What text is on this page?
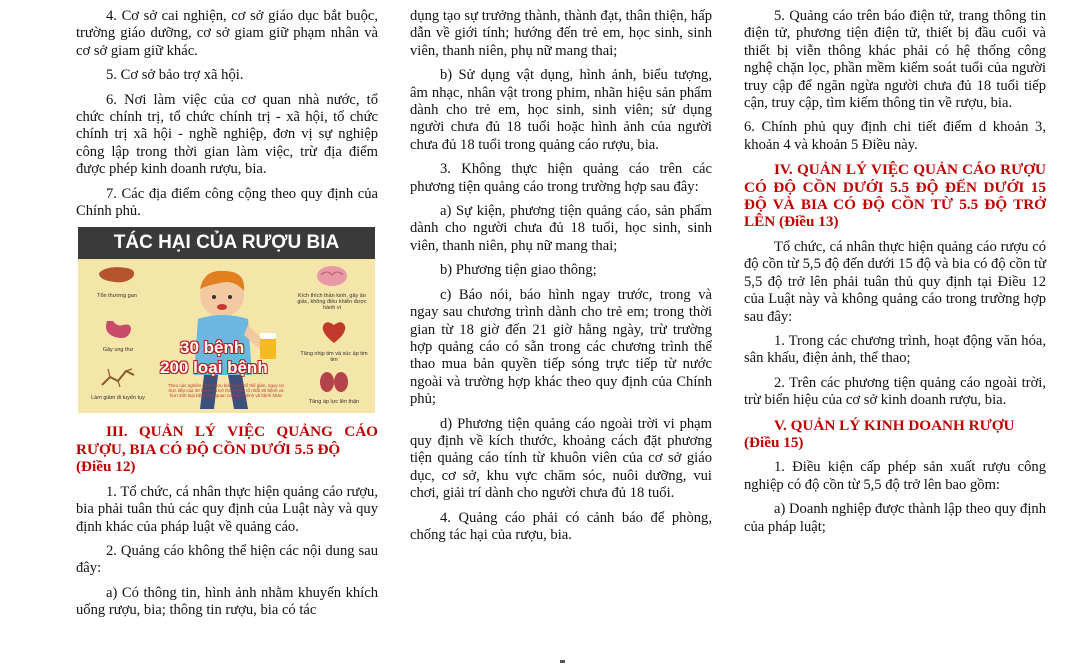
4. Cơ sở cai nghiện, cơ sở giáo dục bắt buộc, trường giáo dưỡng, cơ sở giam giữ phạm nhân và cơ sở giam giữ khác.

5. Cơ sở bảo trợ xã hội.

6. Nơi làm việc của cơ quan nhà nước, tổ chức chính trị, tổ chức chính trị - xã hội, tổ chức chính trị xã hội - nghề nghiệp, đơn vị sự nghiệp công lập trong thời gian làm việc, trừ địa điểm được phép kinh doanh rượu, bia.

7. Các địa điểm công cộng theo quy định của Chính phủ.

TÁC HẠI CỦA RƯỢU BIA
Tổn thương gan
Gây ung thư
Làm giảm đi tuyến tụy
30 bệnh
200 loại bệnh
Theo các nghiên cứu, rượu bia là yếu tố thể gián, nguy cơ trực tiếp của 30 bệnh và trở thành yếu tố nhất 30 bệnh và hơn 200 loại bệnh liên quan của 200 bệnh và bệnh khác
Kích thích thần kinh, gây ảo giác, không điều khiển được hành vi
Tăng nhịp tim và xúc áp tim tim
Tăng áp lực lên thận
III. QUẢN LÝ VIỆC QUẢNG CÁO RƯỢU, BIA CÓ ĐỘ CỒN DƯỚI 5.5 ĐỘ
(Điều 12)

1. Tổ chức, cá nhân thực hiện quảng cáo rượu, bia phải tuân thủ các quy định của Luật này và quy định khác của pháp luật về quảng cáo.

2. Quảng cáo không thể hiện các nội dung sau đây:

a) Có thông tin, hình ảnh nhằm khuyến khích uống rượu, bia; thông tin rượu, bia có tác

dụng tạo sự trưởng thành, thành đạt, thân thiện, hấp dẫn về giới tính; hướng đến trẻ em, học sinh, sinh viên, thanh niên, phụ nữ mang thai;

b) Sử dụng vật dụng, hình ảnh, biểu tượng, âm nhạc, nhân vật trong phim, nhãn hiệu sản phẩm dành cho trẻ em, học sinh, sinh viên; sử dụng người chưa đủ 18 tuổi hoặc hình ảnh của người chưa đủ 18 tuổi trong quảng cáo rượu, bia.

3. Không thực hiện quảng cáo trên các phương tiện quảng cáo trong trường hợp sau đây:

a) Sự kiện, phương tiện quảng cáo, sản phẩm dành cho người chưa đủ 18 tuổi, học sinh, sinh viên, thanh niên, phụ nữ mang thai;

b) Phương tiện giao thông;

c) Báo nói, báo hình ngay trước, trong và ngay sau chương trình dành cho trẻ em; trong thời gian từ 18 giờ đến 21 giờ hằng ngày, trừ trường hợp quảng cáo có sẵn trong các chương trình thể thao mua bản quyền tiếp sóng trực tiếp từ nước ngoài và trường hợp khác theo quy định của Chính phủ;

d) Phương tiện quảng cáo ngoài trời vi phạm quy định về kích thước, khoảng cách đặt phương tiện quảng cáo tính từ khuôn viên của cơ sở giáo dục, cơ sở, khu vực chăm sóc, nuôi dưỡng, vui chơi, giải trí dành cho người chưa đủ 18 tuổi.

4. Quảng cáo phải có cảnh báo để phòng, chống tác hại của rượu, bia.

5. Quảng cáo trên báo điện tử, trang thông tin điện tử, phương tiện điện tử, thiết bị đầu cuối và thiết bị viễn thông khác phải có hệ thống công nghệ chặn lọc, phần mềm kiểm soát tuổi của người truy cập để ngăn ngừa người chưa đủ 18 tuổi tiếp cận, truy cập, tìm kiếm thông tin về rượu, bia.

6. Chính phủ quy định chi tiết điểm d khoản 3, khoản 4 và khoản 5 Điều này.

IV. QUẢN LÝ VIỆC QUẢN CÁO RƯỢU CÓ ĐỘ CỒN DƯỚI 5.5 ĐỘ ĐẾN DƯỚI 15 ĐỘ VÀ BIA CÓ ĐỘ CỒN TỪ 5.5 ĐỘ TRỞ LÊN (Điều 13)

Tổ chức, cá nhân thực hiện quảng cáo rượu có độ cồn từ 5,5 độ đến dưới 15 độ và bia có độ cồn từ 5,5 độ trở lên phải tuân thủ quy định tại Điều 12 của Luật này và không quảng cáo trong trường hợp sau đây:

1. Trong các chương trình, hoạt động văn hóa, sân khấu, điện ảnh, thể thao;

2. Trên các phương tiện quảng cáo ngoài trời, trừ biển hiệu của cơ sở kinh doanh rượu, bia.

V. QUẢN LÝ KINH DOANH RƯỢU
(Điều 15)

1. Điều kiện cấp phép sản xuất rượu công nghiệp có độ cồn từ 5,5 độ trở lên bao gồm:

a) Doanh nghiệp được thành lập theo quy định của pháp luật;
